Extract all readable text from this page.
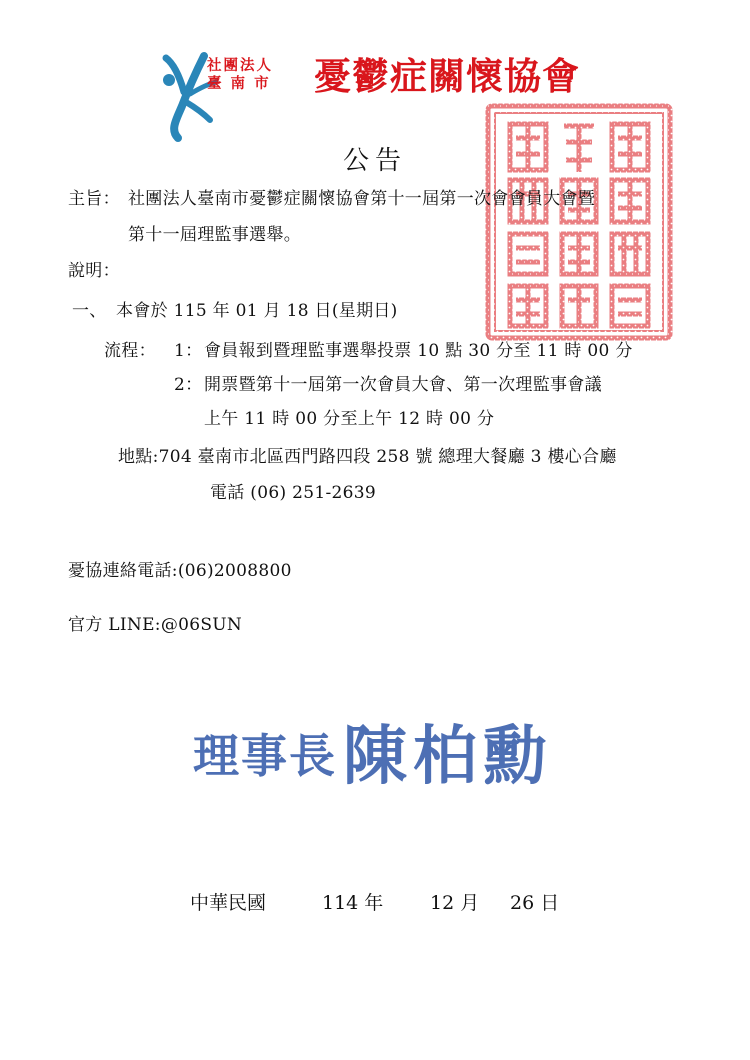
社團法人
臺 南 市 憂鬱症關懷協會
公告
主旨： 社團法人臺南市憂鬱症關懷協會第十一屆第一次會會員大會暨
第十一屆理監事選舉。
說明：
一、 本會於 115 年 01 月 18 日(星期日)
流程： 1： 會員報到暨理監事選舉投票 10 點 30 分至 11 時 00 分
2： 開票暨第十一屆第一次會員大會、第一次理監事會議
上午 11 時 00 分至上午 12 時 00 分
地點:704 臺南市北區西門路四段 258 號 總理大餐廳 3 樓心合廳
電話 (06) 251-2639
憂協連絡電話:(06)2008800
官方 LINE:@06SUN
理事長 陳柏勳
中華民國	114 年 12 月 26 日
